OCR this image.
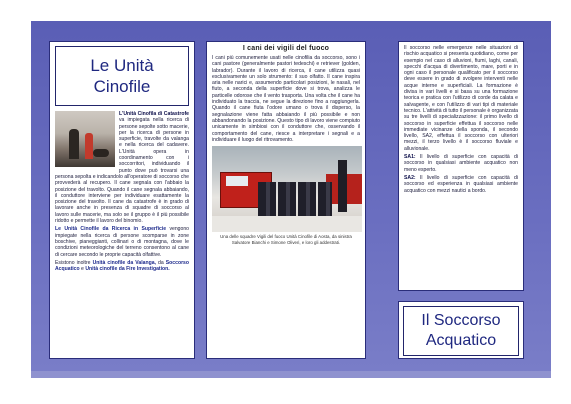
Le Unità
Cinofile

L'Unità Cinofila di Catastrofe va impiegata nella ricerca di persone sepolte sotto macerie, per la ricerca di persone in superficie, travolte da valanga e nella ricerca del cadavere. L'Unità opera in coordinamento con i soccorritori, individuando il punto dove può trovarsi una persona sepolta e indicandolo all'operatore di soccorso che provvederà al recupero. Il cane segnala con l'abbaio la posizione del travolto. Quando il cane segnala abbaiando, il conduttore interviene per individuare esattamente la posizione del travolto. Il cane da catastrofe è in grado di lavorare anche in presenza di squadre di soccorso al lavoro sulle macerie, ma solo se il gruppo è il più possibile ridotto e permette il lavoro del binomio.

Le Unità Cinofile da Ricerca in Superficie vengono impiegate nella ricerca di persone scomparse in zone boschive, pianeggianti, collinari o di montagna, dove le condizioni meteorologiche del terreno consentono al cane di cercare secondo le proprie capacità olfattive.

Esistono inoltre Unità cinofile da Valanga, da Soccorso Acquatico e Unità cinofile da Fire Investigation.

I cani dei vigili del fuoco

I cani più comunemente usati nelle cinofilia da soccorso, sono i cani pastore (generalmente pastori tedeschi) e retriever (golden, labrador). Durante il lavoro di ricerca, il cane utilizza quasi esclusivamente un solo strumento: il suo olfatto. Il cane inspira aria nelle narici e, assumendo particolari posizioni, le nasali, nel fiuto, a seconda della superficie dove si trova, analizza le particelle odorose che il vento trasporta. Una volta che il cane ha individuato la traccia, ne segue la direzione fino a raggiungerla. Quando il cane fiuta l'odore umano o trova il disperso, la segnalazione viene fatta abbaiando il più possibile e non abbandonando la posizione. Questo tipo di lavoro viene compiuto unicamente in simbiosi con il conduttore che, osservando il comportamento del cane, riesce a interpretare i segnali e a individuare il luogo del ritrovamento.

Una delle squadre Vigili del fuoco Unità Cinofile di Aosta, da sinistra Salvatore Bianchi e Simone Oliveri, e loro gli addestrati.

Il soccorso nelle emergenze nelle situazioni di rischio acquatico si presenta quotidiano, come per esempio nel caso di alluvioni, fiumi, laghi, canali, specchi d'acqua di divertimento, mare, porti e in ogni caso il personale qualificato per il soccorso deve essere in grado di svolgere interventi nelle acque interne e superficiali. La formazione è divisa in vari livelli e si basa su una formazione teorica e pratica con l'utilizzo di corde da calata e salvagente, e con l'utilizzo di vari tipi di materiale tecnico. L'attività di tutto il personale è organizzata su tre livelli di specializzazione: il primo livello di soccorso in superficie effettua il soccorso nelle immediate vicinanze della sponda, il secondo livello, SA2, effettua il soccorso con ulteriori mezzi, il terzo livello è il soccorso fluviale e alluvionale.

SA1: Il livello di superficie con capacità di soccorso in qualsiasi ambiente acquatico non meno esperto.

SA2: Il livello di superficie con capacità di soccorso ed esperienza in qualsiasi ambiente acquatico con mezzi nautici a bordo.

Il Soccorso
Acquatico
